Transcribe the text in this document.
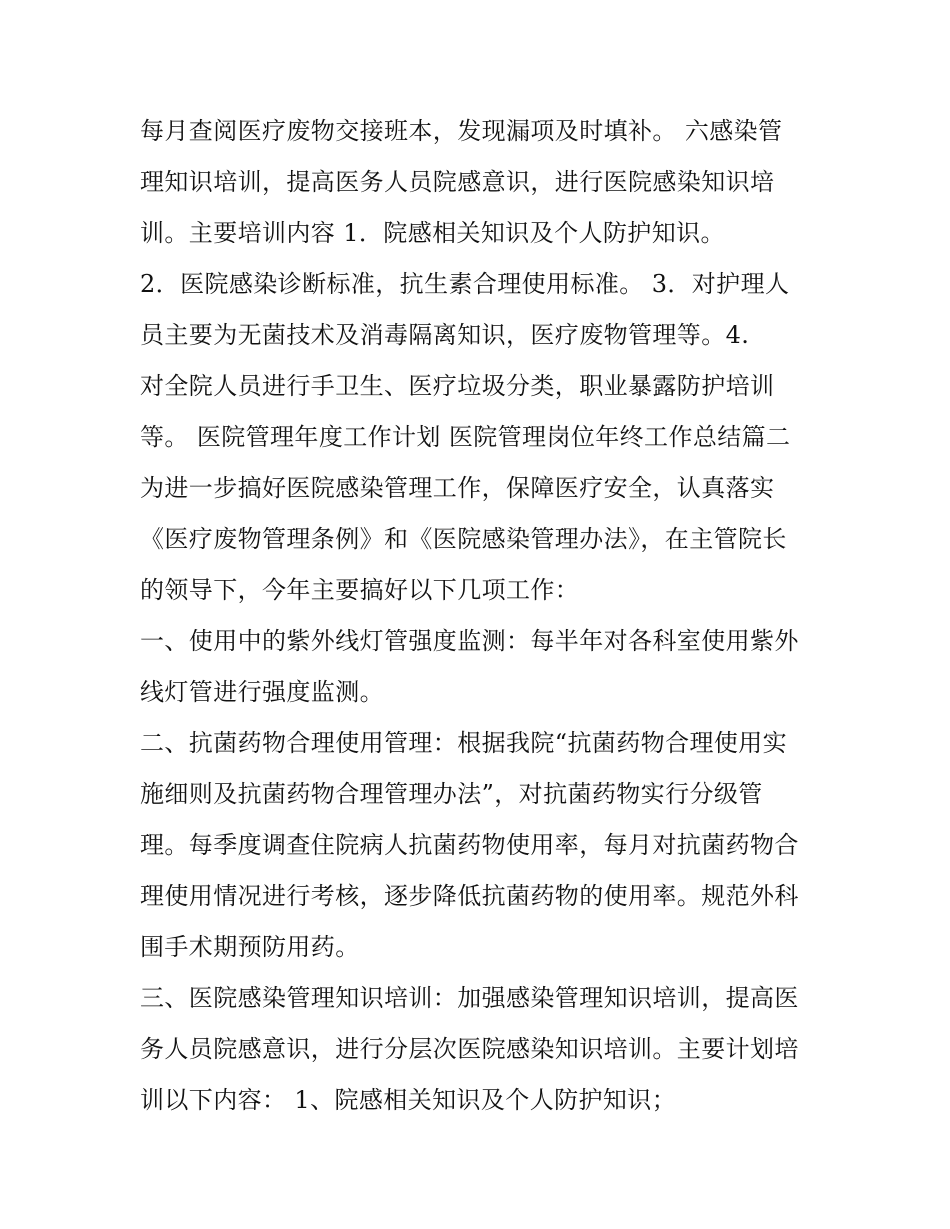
每月查阅医疗废物交接班本，发现漏项及时填补。 六感染管
理知识培训，提高医务人员院感意识，进行医院感染知识培
训。主要培训内容 1．院感相关知识及个人防护知识。
2．医院感染诊断标准，抗生素合理使用标准。 3．对护理人
员主要为无菌技术及消毒隔离知识，医疗废物管理等。4.
对全院人员进行手卫生、医疗垃圾分类，职业暴露防护培训
等。 医院管理年度工作计划 医院管理岗位年终工作总结篇二
为进一步搞好医院感染管理工作，保障医疗安全，认真落实
《医疗废物管理条例》和《医院感染管理办法》，在主管院长
的领导下，今年主要搞好以下几项工作：
一、使用中的紫外线灯管强度监测：每半年对各科室使用紫外
线灯管进行强度监测。
二、抗菌药物合理使用管理：根据我院“抗菌药物合理使用实
施细则及抗菌药物合理管理办法”，对抗菌药物实行分级管
理。每季度调查住院病人抗菌药物使用率，每月对抗菌药物合
理使用情况进行考核，逐步降低抗菌药物的使用率。规范外科
围手术期预防用药。
三、医院感染管理知识培训：加强感染管理知识培训，提高医
务人员院感意识，进行分层次医院感染知识培训。主要计划培
训以下内容： 1、院感相关知识及个人防护知识；
